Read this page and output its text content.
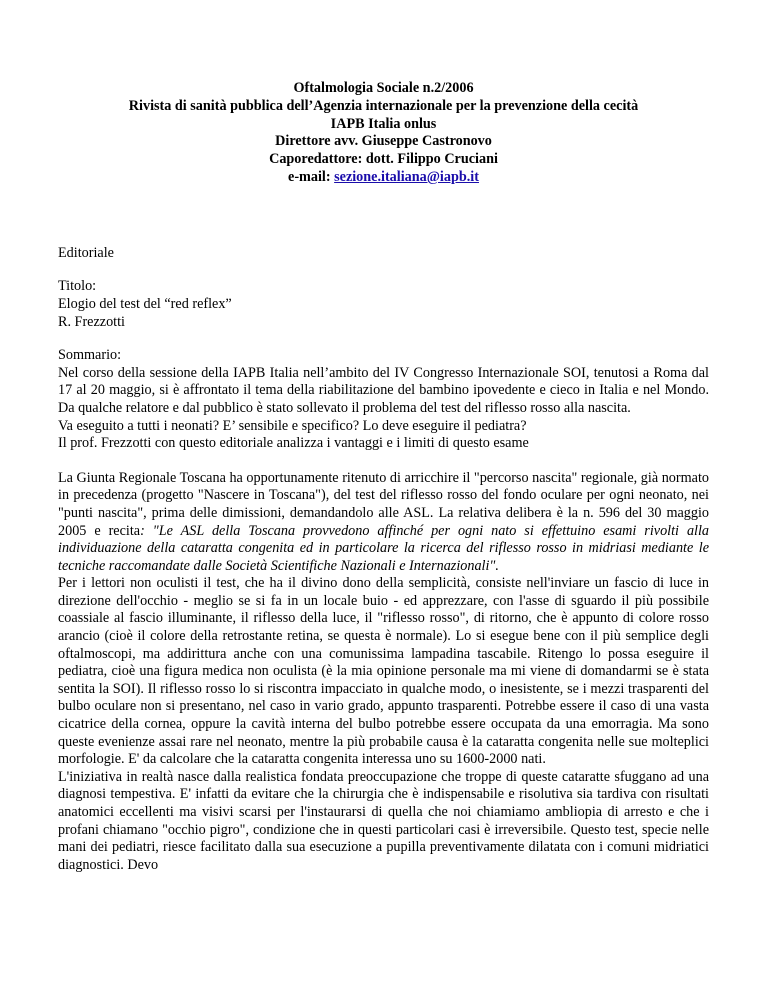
Oftalmologia Sociale n.2/2006
Rivista di sanità pubblica dell’Agenzia internazionale per la prevenzione della cecità
IAPB Italia onlus
Direttore avv. Giuseppe Castronovo
Caporedattore: dott. Filippo Cruciani
e-mail: sezione.italiana@iapb.it

Editoriale

Titolo:

Elogio del test del “red reflex”

R. Frezzotti

Sommario:

Nel corso della sessione della IAPB Italia nell’ambito del IV Congresso Internazionale SOI, tenutosi a Roma dal 17 al 20 maggio, si è affrontato il tema della riabilitazione del bambino ipovedente e cieco in Italia e nel Mondo. Da qualche relatore e dal pubblico è stato sollevato il problema del test del riflesso rosso alla nascita.

Va eseguito a tutti i neonati? E’ sensibile e specifico? Lo deve eseguire il pediatra?

Il prof. Frezzotti con questo editoriale analizza i vantaggi e i limiti di questo esame

La Giunta Regionale Toscana ha opportunamente ritenuto di arricchire il "percorso nascita" regionale, già normato in precedenza (progetto "Nascere in Toscana"), del test del riflesso rosso del fondo oculare per ogni neonato, nei "punti nascita", prima delle dimissioni, demandandolo alle ASL. La relativa delibera è la n. 596 del 30 maggio 2005 e recita: "Le ASL della Toscana provvedono affinché per ogni nato si effettuino esami rivolti alla individuazione della cataratta congenita ed in particolare la ricerca del riflesso rosso in midriasi mediante le tecniche raccomandate dalle Società Scientifiche Nazionali e Internazionali".

Per i lettori non oculisti il test, che ha il divino dono della semplicità, consiste nell'inviare un fascio di luce in direzione dell'occhio - meglio se si fa in un locale buio - ed apprezzare, con l'asse di sguardo il più possibile coassiale al fascio illuminante, il riflesso della luce, il "riflesso rosso", di ritorno, che è appunto di colore rosso arancio (cioè il colore della retrostante retina, se questa è normale). Lo si esegue bene con il più semplice degli oftalmoscopi, ma addirittura anche con una comunissima lampadina tascabile. Ritengo lo possa eseguire il pediatra, cioè una figura medica non oculista (è la mia opinione personale ma mi viene di domandarmi se è stata sentita la SOI). Il riflesso rosso lo si riscontra impacciato in qualche modo, o inesistente, se i mezzi trasparenti del bulbo oculare non si presentano, nel caso in vario grado, appunto trasparenti. Potrebbe essere il caso di una vasta cicatrice della cornea, oppure la cavità interna del bulbo potrebbe essere occupata da una emorragia. Ma sono queste evenienze assai rare nel neonato, mentre la più probabile causa è la cataratta congenita nelle sue molteplici morfologie. E' da calcolare che la cataratta congenita interessa uno su 1600-2000 nati.

L'iniziativa in realtà nasce dalla realistica fondata preoccupazione che troppe di queste cataratte sfuggano ad una diagnosi tempestiva. E' infatti da evitare che la chirurgia che è indispensabile e risolutiva sia tardiva con risultati anatomici eccellenti ma visivi scarsi per l'instaurarsi di quella che noi chiamiamo ambliopia di arresto e che i profani chiamano "occhio pigro", condizione che in questi particolari casi è irreversibile. Questo test, specie nelle mani dei pediatri, riesce facilitato dalla sua esecuzione a pupilla preventivamente dilatata con i comuni midriatici diagnostici. Devo
